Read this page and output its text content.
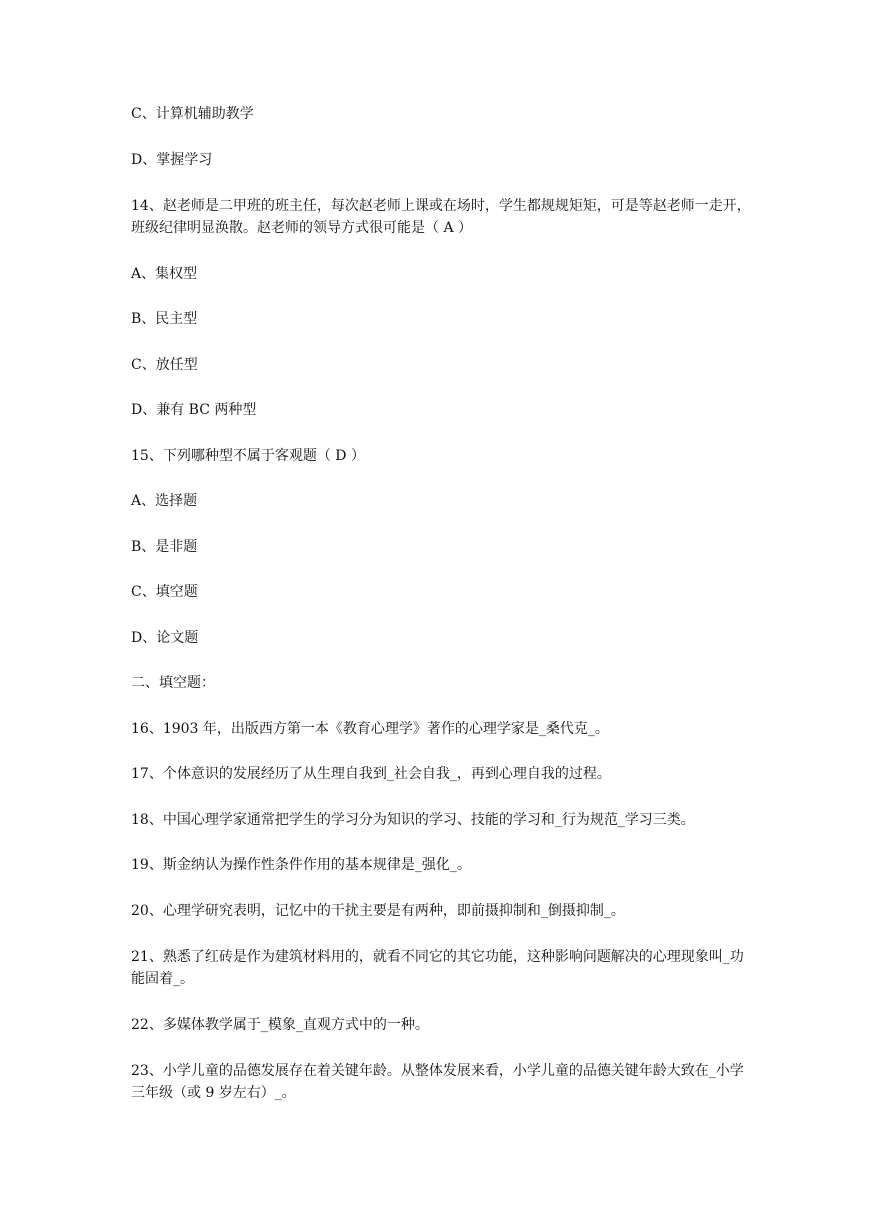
C、计算机辅助教学

D、掌握学习

14、赵老师是二甲班的班主任，每次赵老师上课或在场时，学生都规规矩矩，可是等赵老师一走开，班级纪律明显涣散。赵老师的领导方式很可能是（ A ）

A、集权型

B、民主型

C、放任型

D、兼有 BC 两种型

15、下列哪种型不属于客观题（ D ）

A、选择题

B、是非题

C、填空题

D、论文题

二、填空题：

16、1903 年，出版西方第一本《教育心理学》著作的心理学家是_桑代克_。

17、个体意识的发展经历了从生理自我到_社会自我_，再到心理自我的过程。

18、中国心理学家通常把学生的学习分为知识的学习、技能的学习和_行为规范_学习三类。

19、斯金纳认为操作性条件作用的基本规律是_强化_。

20、心理学研究表明，记忆中的干扰主要是有两种，即前摄抑制和_倒摄抑制_。

21、熟悉了红砖是作为建筑材料用的，就看不同它的其它功能，这种影响问题解决的心理现象叫_功能固着_。

22、多媒体教学属于_模象_直观方式中的一种。

23、小学儿童的品德发展存在着关键年龄。从整体发展来看，小学儿童的品德关键年龄大致在_小学三年级（或 9 岁左右）_。
